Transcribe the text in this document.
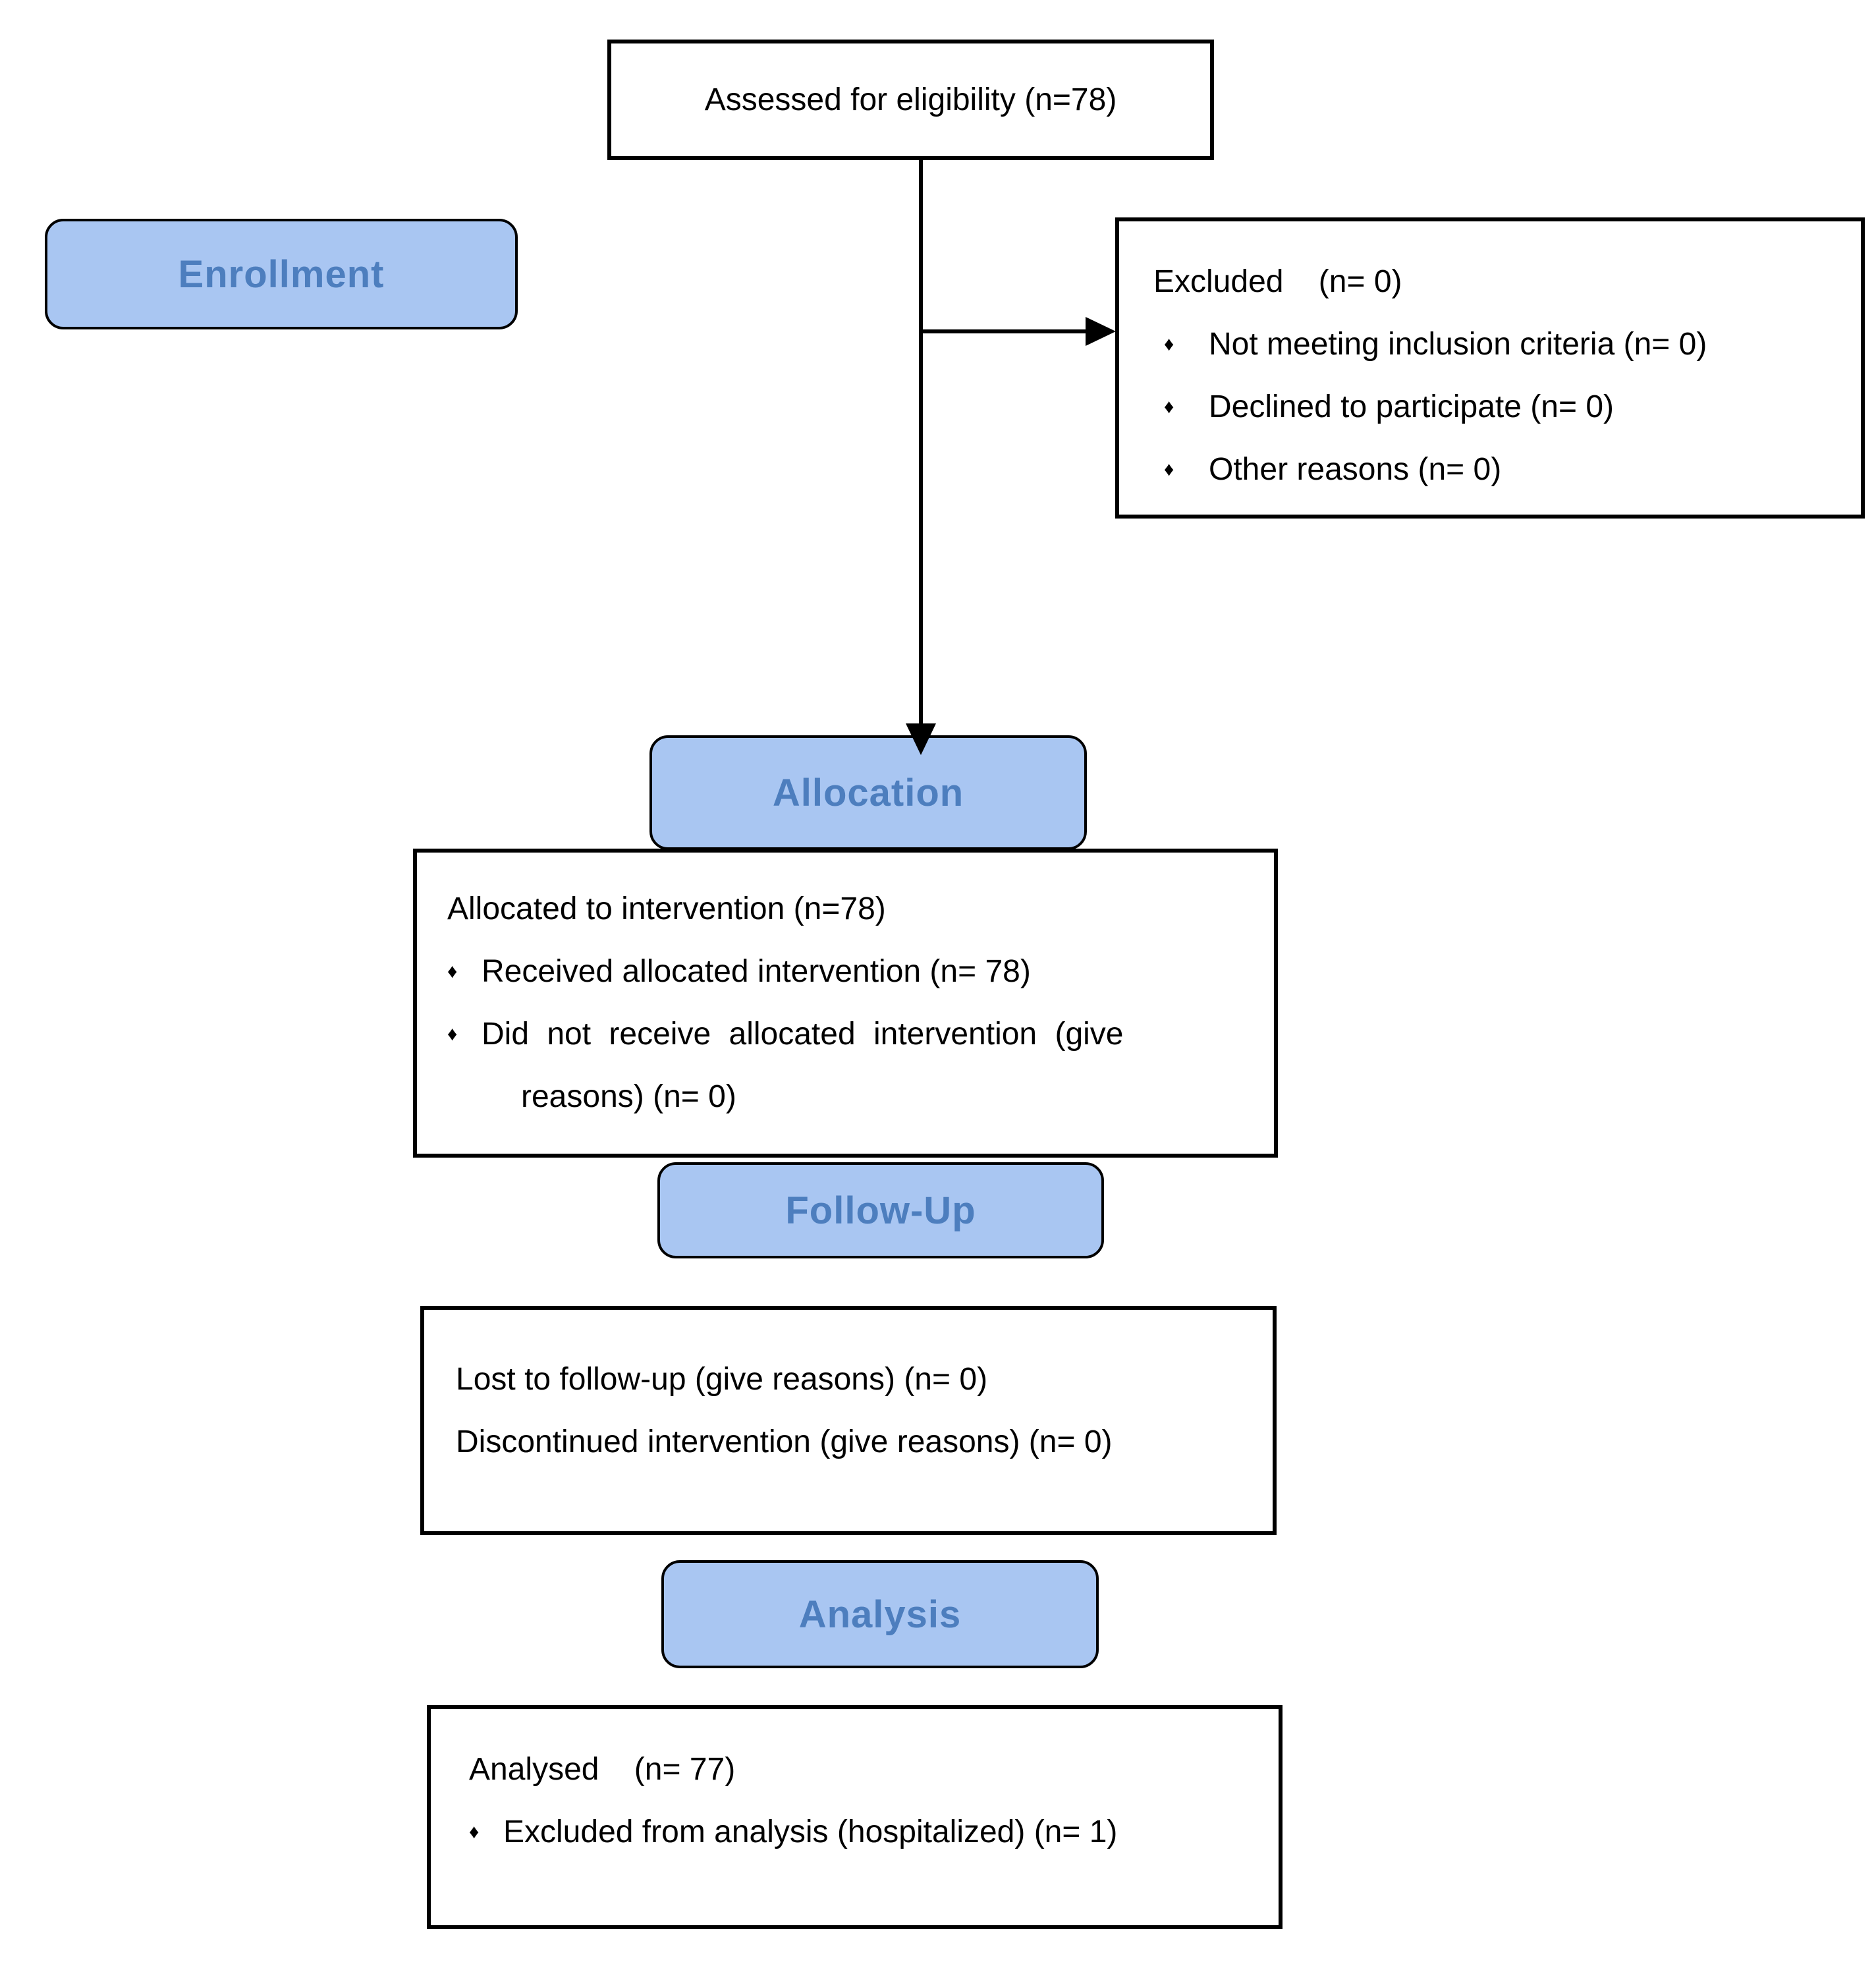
Assessed for eligibility (n=78)
Enrollment
Allocation
Follow-Up
Analysis
Excluded    (n= 0)
♦	Not meeting inclusion criteria (n= 0)
♦	Declined to participate (n= 0)
♦	Other reasons (n= 0)
Allocated to intervention (n=78)
♦ Received allocated intervention (n= 78)
♦ Did not receive allocated intervention (give
reasons) (n= 0)
Lost to follow-up (give reasons) (n= 0)
Discontinued intervention (give reasons) (n= 0)
Analysed    (n= 77)
♦ Excluded from analysis (hospitalized) (n= 1)
